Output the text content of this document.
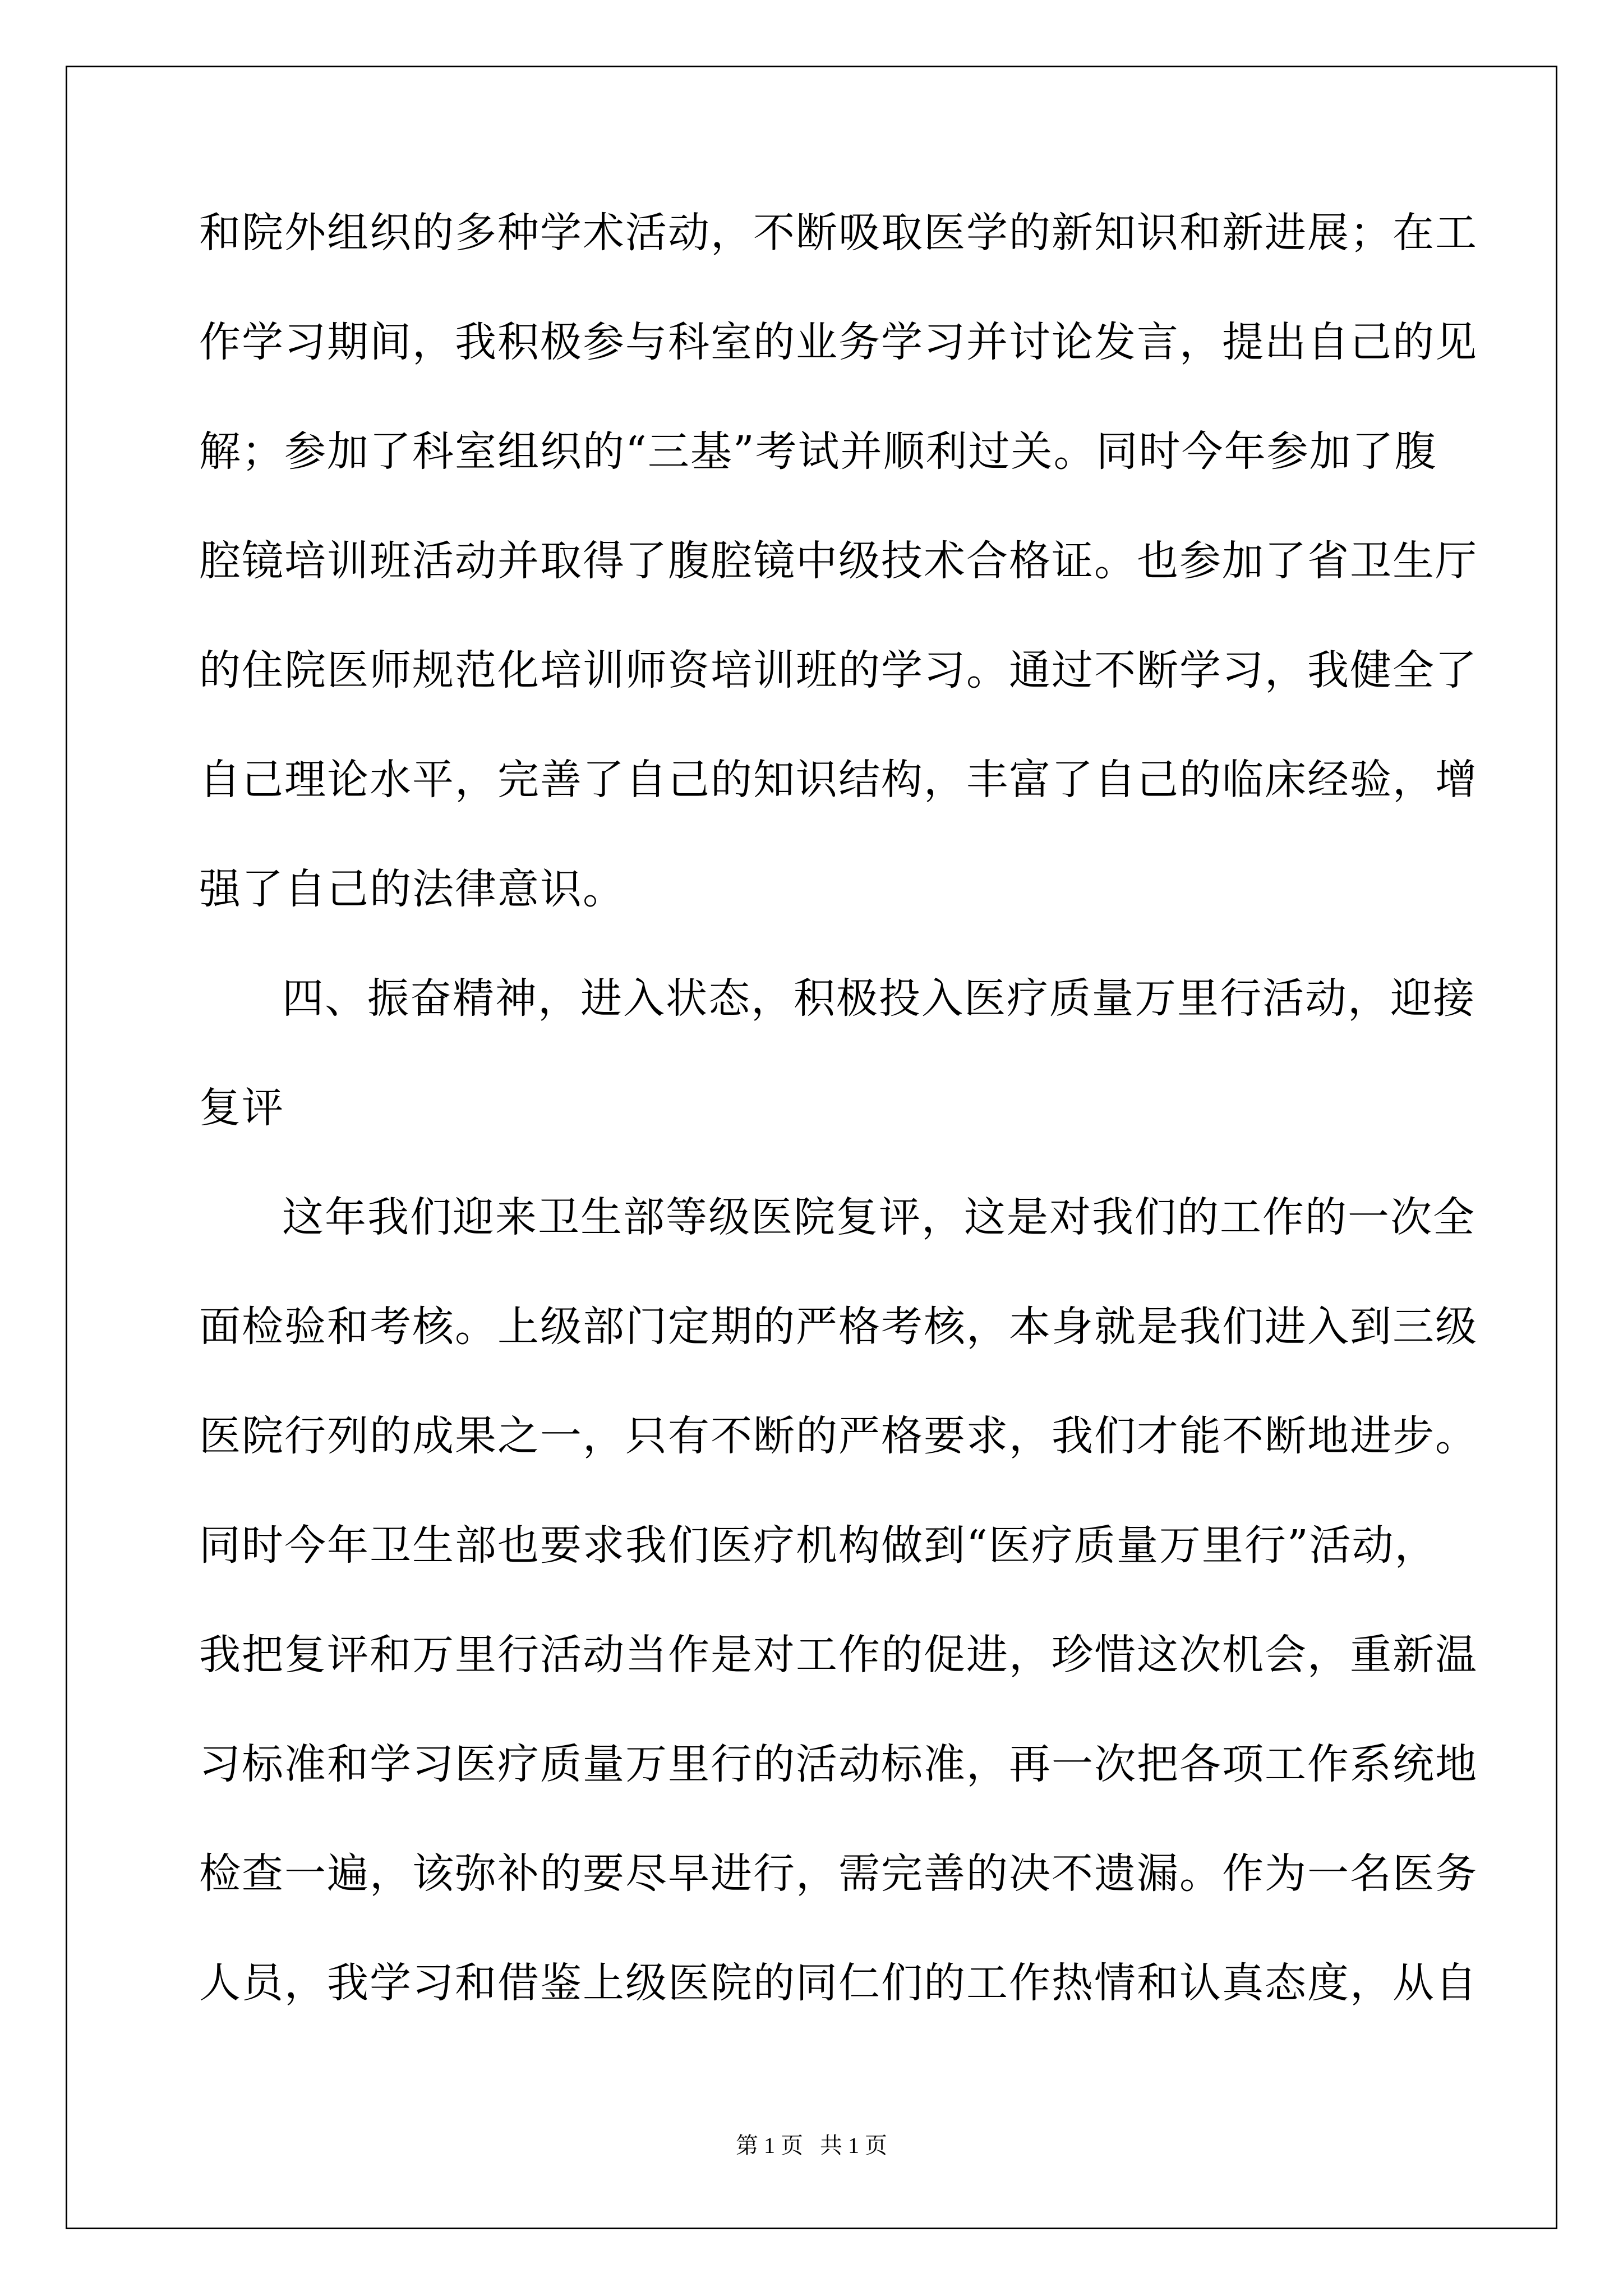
和院外组织的多种学术活动，不断吸取医学的新知识和新进展；在工
作学习期间，我积极参与科室的业务学习并讨论发言，提出自己的见
解；参加了科室组织的“三基”考试并顺利过关。同时今年参加了腹
腔镜培训班活动并取得了腹腔镜中级技术合格证。也参加了省卫生厅
的住院医师规范化培训师资培训班的学习。通过不断学习，我健全了
自己理论水平，完善了自己的知识结构，丰富了自己的临床经验，增
强了自己的法律意识。
四、振奋精神，进入状态，积极投入医疗质量万里行活动，迎接
复评
这年我们迎来卫生部等级医院复评，这是对我们的工作的一次全
面检验和考核。上级部门定期的严格考核，本身就是我们进入到三级
医院行列的成果之一，只有不断的严格要求，我们才能不断地进步。
同时今年卫生部也要求我们医疗机构做到“医疗质量万里行”活动，
我把复评和万里行活动当作是对工作的促进，珍惜这次机会，重新温
习标准和学习医疗质量万里行的活动标准，再一次把各项工作系统地
检查一遍，该弥补的要尽早进行，需完善的决不遗漏。作为一名医务
人员，我学习和借鉴上级医院的同仁们的工作热情和认真态度，从自
第 1 页   共 1 页
